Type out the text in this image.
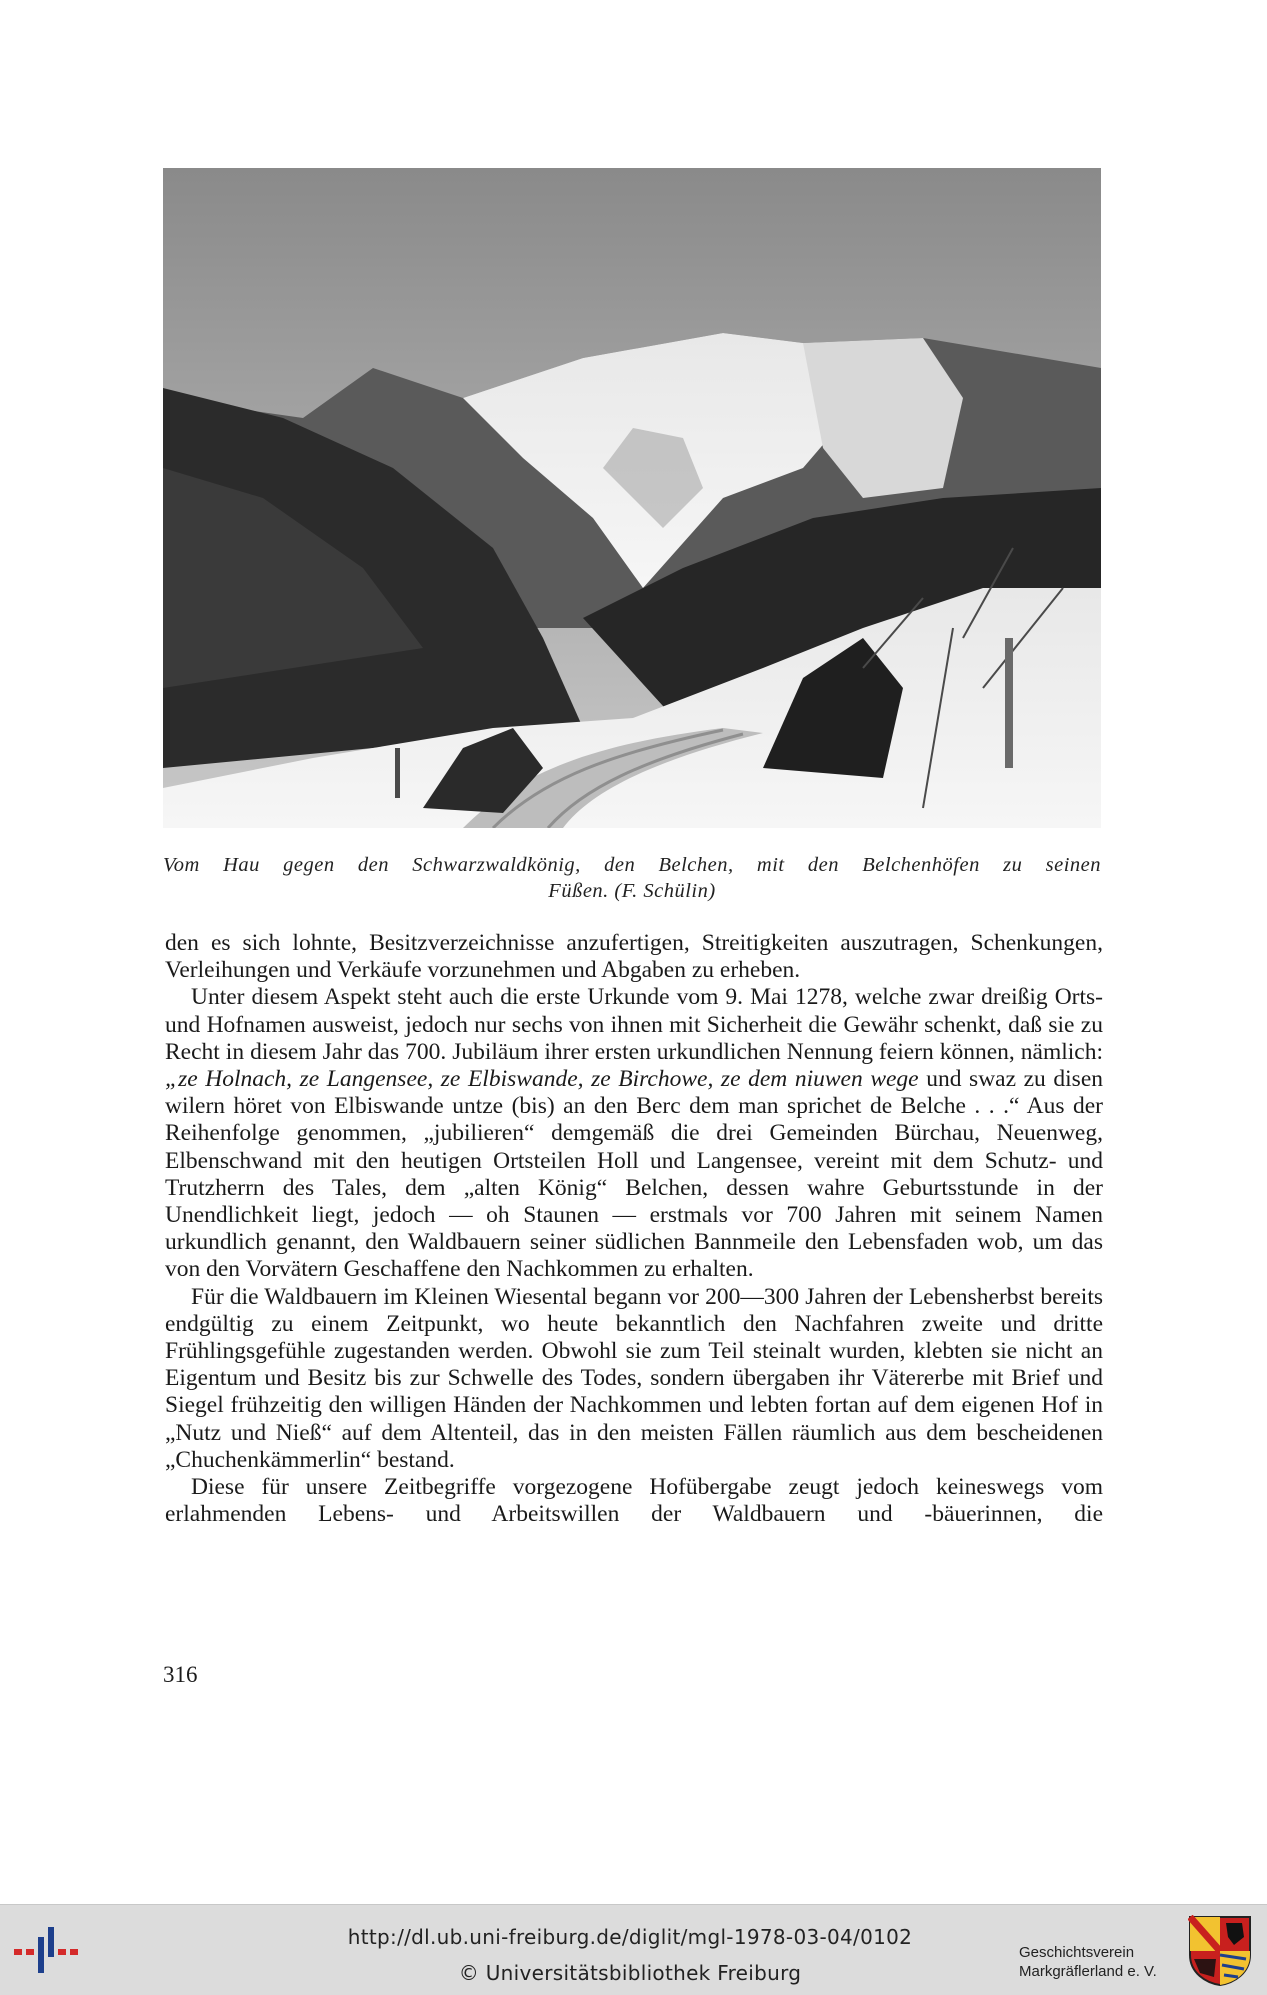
Vom Hau gegen den Schwarzwaldkönig, den Belchen, mit den Belchenhöfen zu seinen
Füßen. (F. Schülin)

den es sich lohnte, Besitzverzeichnisse anzufertigen, Streitigkeiten auszutragen, Schenkungen, Verleihungen und Verkäufe vorzunehmen und Abgaben zu erheben.

Unter diesem Aspekt steht auch die erste Urkunde vom 9. Mai 1278, welche zwar dreißig Orts- und Hofnamen ausweist, jedoch nur sechs von ihnen mit Sicherheit die Gewähr schenkt, daß sie zu Recht in diesem Jahr das 700. Jubiläum ihrer ersten urkundlichen Nennung feiern können, nämlich: „ze Holnach, ze Langensee, ze Elbiswande, ze Birchowe, ze dem niuwen wege und swaz zu disen wilern höret von Elbiswande untze (bis) an den Berc dem man sprichet de Belche . . .“ Aus der Reihenfolge genommen, „jubilieren“ demgemäß die drei Gemeinden Bürchau, Neuenweg, Elbenschwand mit den heutigen Ortsteilen Holl und Langensee, vereint mit dem Schutz- und Trutzherrn des Tales, dem „alten König“ Belchen, dessen wahre Geburtsstunde in der Unendlichkeit liegt, jedoch — oh Staunen — erstmals vor 700 Jahren mit seinem Namen urkundlich genannt, den Waldbauern seiner südlichen Bannmeile den Lebensfaden wob, um das von den Vorvätern Geschaffene den Nachkommen zu erhalten.

Für die Waldbauern im Kleinen Wiesental begann vor 200—300 Jahren der Lebensherbst bereits endgültig zu einem Zeitpunkt, wo heute bekanntlich den Nachfahren zweite und dritte Frühlingsgefühle zugestanden werden. Obwohl sie zum Teil steinalt wurden, klebten sie nicht an Eigentum und Besitz bis zur Schwelle des Todes, sondern übergaben ihr Vätererbe mit Brief und Siegel frühzeitig den willigen Händen der Nachkommen und lebten fortan auf dem eigenen Hof in „Nutz und Nieß“ auf dem Altenteil, das in den meisten Fällen räumlich aus dem bescheidenen „Chuchenkämmerlin“ bestand.

Diese für unsere Zeitbegriffe vorgezogene Hofübergabe zeugt jedoch keineswegs vom erlahmenden Lebens- und Arbeitswillen der Waldbauern und -bäuerinnen, die

316
http://dl.ub.uni-freiburg.de/diglit/mgl-1978-03-04/0102
© Universitätsbibliothek Freiburg
Geschichtsverein
Markgräflerland e. V.
